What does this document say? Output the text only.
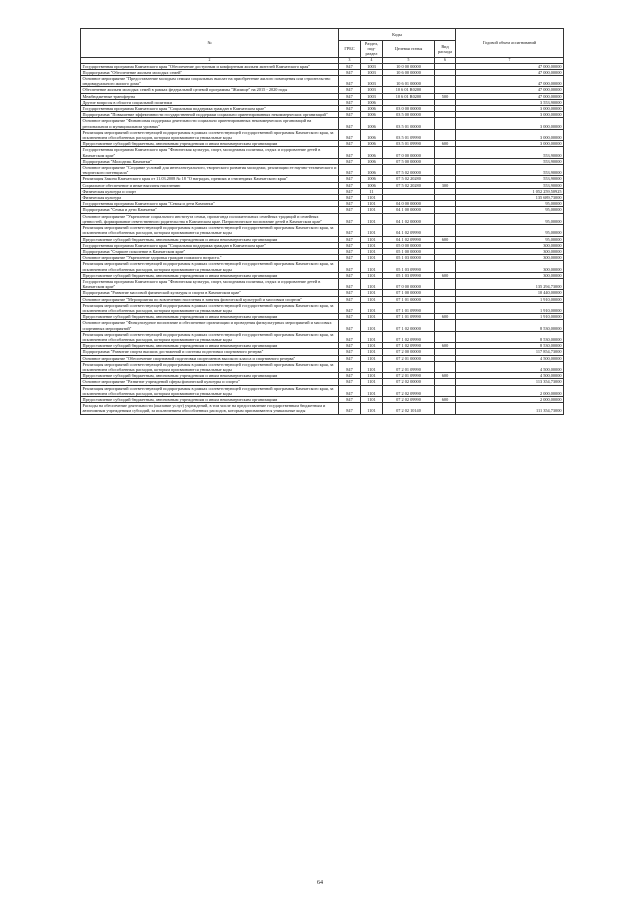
№	Коды				Годовой объем ассигнований
	ГРБС	Раздел, под-раздел	Целевая статья	Вид расхода	
2	3	4	5	6	7
Государственная программа Камчатского края "Обеспечение доступным и комфортным жильем жителей Камчатского края"	847	1003	10 0 00 00000		47 000,00000
Подпрограмма "Обеспечение жильем молодых семей"	847	1003	10 6 00 00000		47 000,00000
Основное мероприятие "Предоставление молодым семьям социальных выплат на приобретение жилого помещения или строительство индивидуального жилого дома"	847	1003	10 6 01 00000		47 000,00000
Обеспечение жильем молодых семей в рамках федеральной целевой программы "Жилище" на 2015 - 2020 годы	847	1003	10 6 01 R0200		47 000,00000
Межбюджетные трансферты	847	1003	10 6 01 R0200	500	47 000,00000
Другие вопросы в области социальной политики	847	1006			3 553,90000
Государственная программа Камчатского края "Социальная поддержка граждан в Камчатском крае"	847	1006	03 0 00 00000		3 000,00000
Подпрограмма "Повышение эффективности государственной поддержки социально ориентированных некоммерческих организаций"	847	1006	03 5 00 00000		3 000,00000
Основное мероприятие "Финансовая поддержка деятельности социально ориентированных некоммерческих организаций на региональном и муниципальном уровнях"	847	1006	03 5 01 00000		3 000,00000
Реализация мероприятий соответствующей подпрограммы в рамках соответствующей государственной программы Камчатского края, за исключением обособленных расходов, которым присваиваются уникальные коды	847	1006	03 5 01 09990		3 000,00000
Предоставление субсидий бюджетным, автономным учреждениям и иным некоммерческим организациям	847	1006	03 5 01 09990	600	3 000,00000
Государственная программа Камчатского края "Физическая культура, спорт, молодежная политика, отдых и оздоровление детей в Камчатском крае"	847	1006	07 0 00 00000		553,90000
Подпрограмма "Молодежь Камчатки"	847	1006	07 5 00 00000		553,90000
Основное мероприятие "Создание условий для интеллектуального, творческого развития молодежи, реализации ее научно-технического и творческого потенциала"	847	1006	07 5 02 00000		553,90000
Реализация Закона Камчатского края от 11.03.2008 № 18 "О наградах, премиях и стипендиях Камчатского края"	847	1006	07 5 02 20280		553,90000
Социальное обеспечение и иные выплаты населению	847	1006	07 5 02 20280	300	553,90000
Физическая культура и спорт	847	11			1 052 259,50925
Физическая культура	847	1101			135 689,73000
Государственная программа Камчатского края "Семья и дети Камчатки"	847	1101	04 0 00 00000		95,00000
Подпрограмма "Семья и дети Камчатки"	847	1101	04 1 00 00000		95,00000
Основное мероприятие "Укрепление социального института семьи, пропаганда положительных семейных традиций и семейных ценностей, формирование ответственного родительства в Камчатском крае. Патриотическое воспитание детей в Камчатском крае"	847	1101	04 1 02 00000		95,00000
Реализация мероприятий соответствующей подпрограммы в рамках соответствующей государственной программы Камчатского края, за исключением обособленных расходов, которым присваиваются уникальные коды	847	1101	04 1 02 09990		95,00000
Предоставление субсидий бюджетным, автономным учреждениям и иным некоммерческим организациям	847	1101	04 1 02 09990	600	95,00000
Государственная программа Камчатского края "Социальная поддержка граждан в Камчатском крае"	847	1101	05 0 00 00000		300,00000
Подпрограмма "Старшее поколение в Камчатском крае"	847	1101	05 1 00 00000		300,00000
Основное мероприятие "Укрепление здоровья граждан пожилого возраста."	847	1101	05 1 03 00000		300,00000
Реализация мероприятий соответствующей подпрограммы в рамках соответствующей государственной программы Камчатского края, за исключением обособленных расходов, которым присваиваются уникальные коды	847	1101	05 1 03 09990		300,00000
Предоставление субсидий бюджетным, автономным учреждениям и иным некоммерческим организациям	847	1101	05 1 03 09990	600	300,00000
Государственная программа Камчатского края "Физическая культура, спорт, молодежная политика, отдых и оздоровление детей в Камчатском крае"	847	1101	07 0 00 00000		135 294,73000
Подпрограмма "Развитие массовой физической культуры и спорта в Камчатском крае"	847	1101	07 1 00 00000		10 440,00000
Основное мероприятие "Мероприятия по вовлечению населения в занятия физической культурой и массовым спортом"	847	1101	07 1 01 00000		1 910,00000
Реализация мероприятий соответствующей подпрограммы в рамках соответствующей государственной программы Камчатского края, за исключением обособленных расходов, которым присваиваются уникальные коды	847	1101	07 1 01 09990		1 910,00000
Предоставление субсидий бюджетным, автономным учреждениям и иным некоммерческим организациям	847	1101	07 1 01 09990	600	1 910,00000
Основное мероприятие "Физкультурное воспитание и обеспечение организации и проведения физкультурных мероприятий и массовых спортивных мероприятий"	847	1101	07 1 02 00000		8 530,00000
Реализация мероприятий соответствующей подпрограммы в рамках соответствующей государственной программы Камчатского края, за исключением обособленных расходов, которым присваиваются уникальные коды	847	1101	07 1 02 09990		8 530,00000
Предоставление субсидий бюджетным, автономным учреждениям и иным некоммерческим организациям	847	1101	07 1 02 09990	600	8 530,00000
Подпрограмма "Развитие спорта высших достижений и системы подготовки спортивного резерва"	847	1101	07 2 00 00000		117 854,73000
Основное мероприятие "Обеспечение спортивной подготовки спортсменов высокого класса и спортивного резерва"	847	1101	07 2 01 00000		4 500,00000
Реализация мероприятий соответствующей подпрограммы в рамках соответствующей государственной программы Камчатского края, за исключением обособленных расходов, которым присваиваются уникальные коды	847	1101	07 2 01 09990		4 500,00000
Предоставление субсидий бюджетным, автономным учреждениям и иным некоммерческим организациям	847	1101	07 2 01 09990	600	4 500,00000
Основное мероприятие "Развитие учреждений сферы физической культуры и спорта"	847	1101	07 2 02 00000		113 354,73000
Реализация мероприятий соответствующей подпрограммы в рамках соответствующей государственной программы Камчатского края, за исключением обособленных расходов, которым присваиваются уникальные коды	847	1101	07 2 02 09990		2 000,00000
Предоставление субсидий бюджетным, автономным учреждениям и иным некоммерческим организациям	847	1101	07 2 02 09990	600	2 000,00000
Расходы на обеспечение деятельности (оказание услуг) учреждений, в том числе на предоставление государственным бюджетным и автономным учреждениям субсидий, за исключением обособленных расходов, которым присваиваются уникальные коды	847	1101	07 2 02 10140		111 354,73000
64
